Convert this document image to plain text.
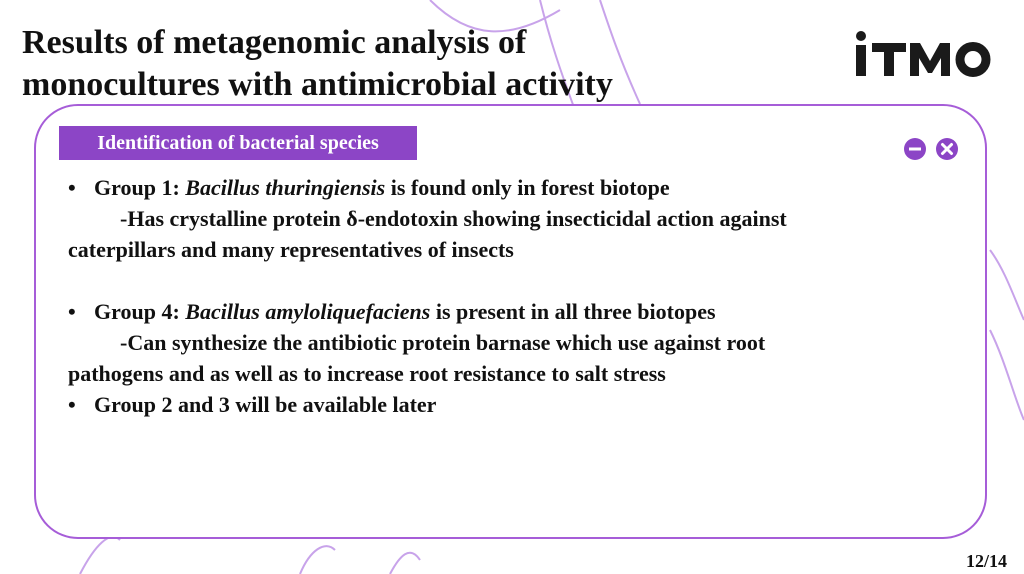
Results of metagenomic analysis of
monocultures with antimicrobial activity
Identification of bacterial species

• Group 1: Bacillus thuringiensis is found only in forest biotope

-Has crystalline protein δ-endotoxin showing insecticidal action against

caterpillars and many representatives of insects

• Group 4: Bacillus amyloliquefaciens is present in all three biotopes

-Can synthesize the antibiotic protein barnase which use against root

pathogens and as well as to increase root resistance to salt stress

• Group 2 and 3 will be available later

12/14
